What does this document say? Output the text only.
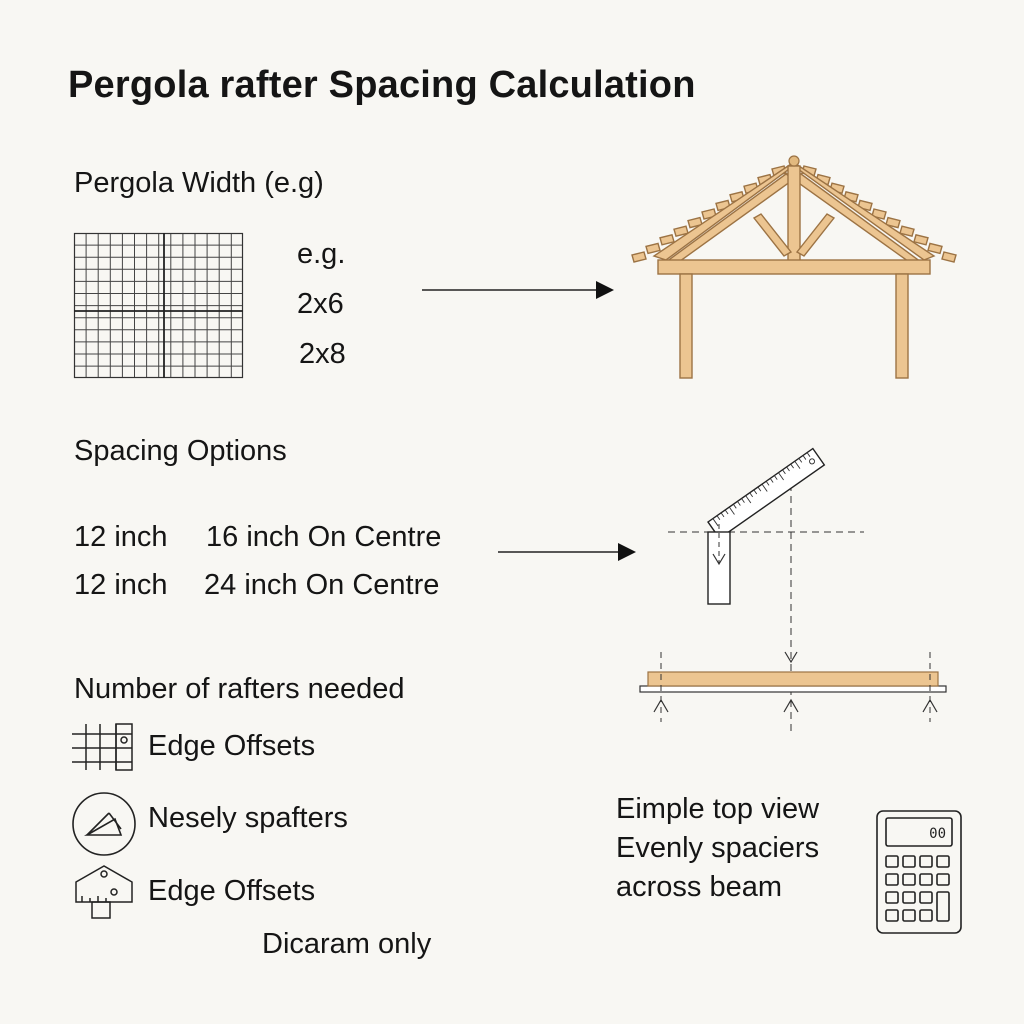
Pergola rafter Spacing Calculation
Pergola Width (e.g)
e.g.
2x6
2x8
Spacing Options
12 inch 16 inch On Centre
12 inch 24 inch On Centre
Number of rafters needed
Edge Offsets
Nesely spafters
Edge Offsets
Dicaram only
Eimple top view
Evenly spaciers
across beam
00
